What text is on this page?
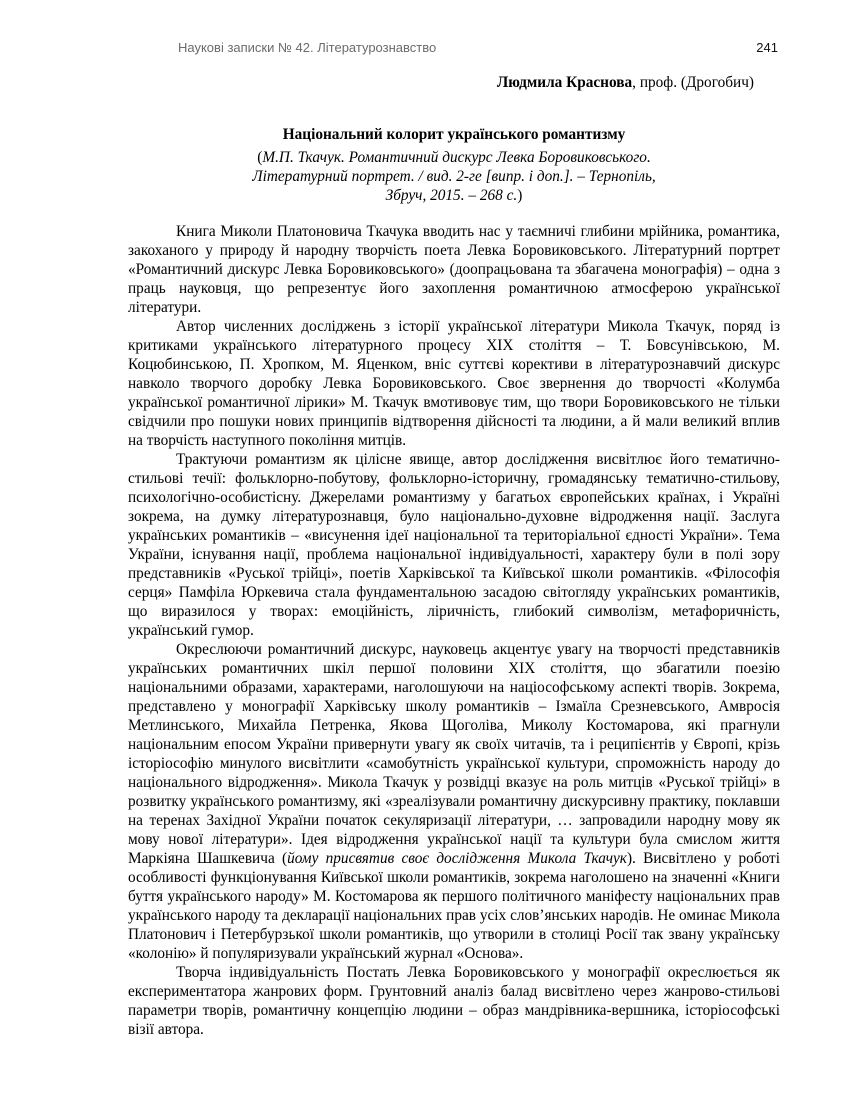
Наукові записки № 42. Літературознавство	241
Людмила Краснова, проф. (Дрогобич)
Національний колорит українського романтизму
(М.П. Ткачук. Романтичний дискурс Левка Боровиковського.
Літературний портрет. / вид. 2-ге [випр. і доп.]. – Тернопіль,
Збруч, 2015. – 268 с.)

Книга Миколи Платоновича Ткачука вводить нас у таємничі глибини мрійника, романтика, закоханого у природу й народну творчість поета Левка Боровиковського. Літературний портрет «Романтичний дискурс Левка Боровиковського» (доопрацьована та збагачена монографія) – одна з праць науковця, що репрезентує його захоплення романтичною атмосферою української літератури.

Автор численних досліджень з історії української літератури Микола Ткачук, поряд із критиками українського літературного процесу XIX століття – Т. Бовсунівською, М. Коцюбинською, П. Хропком, М. Яценком, вніс суттєві корективи в літературознавчий дискурс навколо творчого доробку Левка Боровиковського. Своє звернення до творчості «Колумба української романтичної лірики» М. Ткачук вмотивовує тим, що твори Боровиковського не тільки свідчили про пошуки нових принципів відтворення дійсності та людини, а й мали великий вплив на творчість наступного покоління митців.

Трактуючи романтизм як цілісне явище, автор дослідження висвітлює його тематично-стильові течії: фольклорно-побутову, фольклорно-історичну, громадянську тематично-стильову, психологічно-особистісну. Джерелами романтизму у багатьох європейських країнах, і Україні зокрема, на думку літературознавця, було національно-духовне відродження нації. Заслуга українських романтиків – «висунення ідеї національної та територіальної єдності України». Тема України, існування нації, проблема національної індивідуальності, характеру були в полі зору представників «Руської трійці», поетів Харківської та Київської школи романтиків. «Філософія серця» Памфіла Юркевича стала фундаментальною засадою світогляду українських романтиків, що виразилося у творах: емоційність, ліричність, глибокий символізм, метафоричність, український гумор.

Окреслюючи романтичний дискурс, науковець акцентує увагу на творчості представників українських романтичних шкіл першої половини XIX століття, що збагатили поезію національними образами, характерами, наголошуючи на націософському аспекті творів. Зокрема, представлено у монографії Харківську школу романтиків – Ізмаїла Срезневського, Амвросія Метлинського, Михайла Петренка, Якова Щоголіва, Миколу Костомарова, які прагнули національним епосом України привернути увагу як своїх читачів, та і реципієнтів у Європі, крізь історіософію минулого висвітлити «самобутність української культури, спроможність народу до національного відродження». Микола Ткачук у розвідці вказує на роль митців «Руської трійці» в розвитку українського романтизму, які «зреалізували романтичну дискурсивну практику, поклавши на теренах Західної України початок секуляризації літератури, … запровадили народну мову як мову нової літератури». Ідея відродження української нації та культури була смислом життя Маркіяна Шашкевича (йому присвятив своє дослідження Микола Ткачук). Висвітлено у роботі особливості функціонування Київської школи романтиків, зокрема наголошено на значенні «Книги буття українського народу» М. Костомарова як першого політичного маніфесту національних прав українського народу та декларації національних прав усіх слов’янських народів. Не оминає Микола Платонович і Петербурзької школи романтиків, що утворили в столиці Росії так звану українську «колонію» й популяризували український журнал «Основа».

Творча індивідуальність Постать Левка Боровиковського у монографії окреслюється як експериментатора жанрових форм. Грунтовний аналіз балад висвітлено через жанрово-стильові параметри творів, романтичну концепцію людини – образ мандрівника-вершника, історіософські візії автора.
